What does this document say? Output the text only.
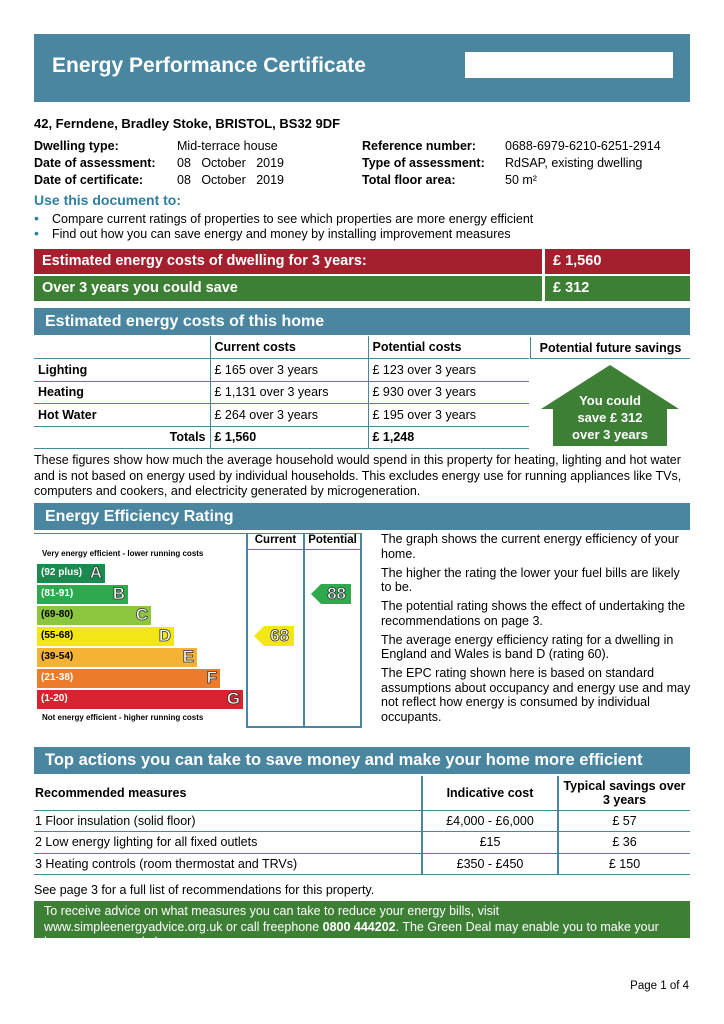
Energy Performance Certificate
42, Ferndene, Bradley Stoke, BRISTOL, BS32 9DF
Dwelling type:	Mid-terrace house
Date of assessment:	08   October   2019
Date of certificate:	08   October   2019
Reference number:	0688-6979-6210-6251-2914
Type of assessment:	RdSAP, existing dwelling
Total floor area:	50 m²
Use this document to:
• Compare current ratings of properties to see which properties are more energy efficient
• Find out how you can save energy and money by installing improvement measures
Estimated energy costs of dwelling for 3 years:	£ 1,560
Over 3 years you could save	£ 312
Estimated energy costs of this home
	Current costs	Potential costs
Lighting	£ 165 over 3 years	£ 123 over 3 years
Heating	£ 1,131 over 3 years	£ 930 over 3 years
Hot Water	£ 264 over 3 years	£ 195 over 3 years
Totals	£ 1,560	£ 1,248
Potential future savings
You could
save £ 312
over 3 years
These figures show how much the average household would spend in this property for heating, lighting and hot water and is not based on energy used by individual households. This excludes energy use for running appliances like TVs, computers and cookers, and electricity generated by microgeneration.
Energy Efficiency Rating
Current	Potential
Very energy efficient - lower running costs
Not energy efficient - higher running costs
(92 plus) A
(81-91) B
(69-80)	C
(55-68)	D
(39-54)	E
(21-38)	F
(1-20)	G
68
88

The graph shows the current energy efficiency of your home.

The higher the rating the lower your fuel bills are likely to be.

The potential rating shows the effect of undertaking the recommendations on page 3.

The average energy efficiency rating for a dwelling in England and Wales is band D (rating 60).

The EPC rating shown here is based on standard assumptions about occupancy and energy use and may not reflect how energy is consumed by individual occupants.

Top actions you can take to save money and make your home more efficient
Recommended measures	Indicative cost	Typical savings over 3 years
1 Floor insulation (solid floor)	£4,000 - £6,000	£ 57
2 Low energy lighting for all fixed outlets	£15	£ 36
3 Heating controls (room thermostat and TRVs)	£350 - £450	£ 150
See page 3 for a full list of recommendations for this property.
To receive advice on what measures you can take to reduce your energy bills, visit www.simpleenergyadvice.org.uk or call freephone 0800 444202. The Green Deal may enable you to make your home warmer and cheaper to run.
Page 1 of 4
